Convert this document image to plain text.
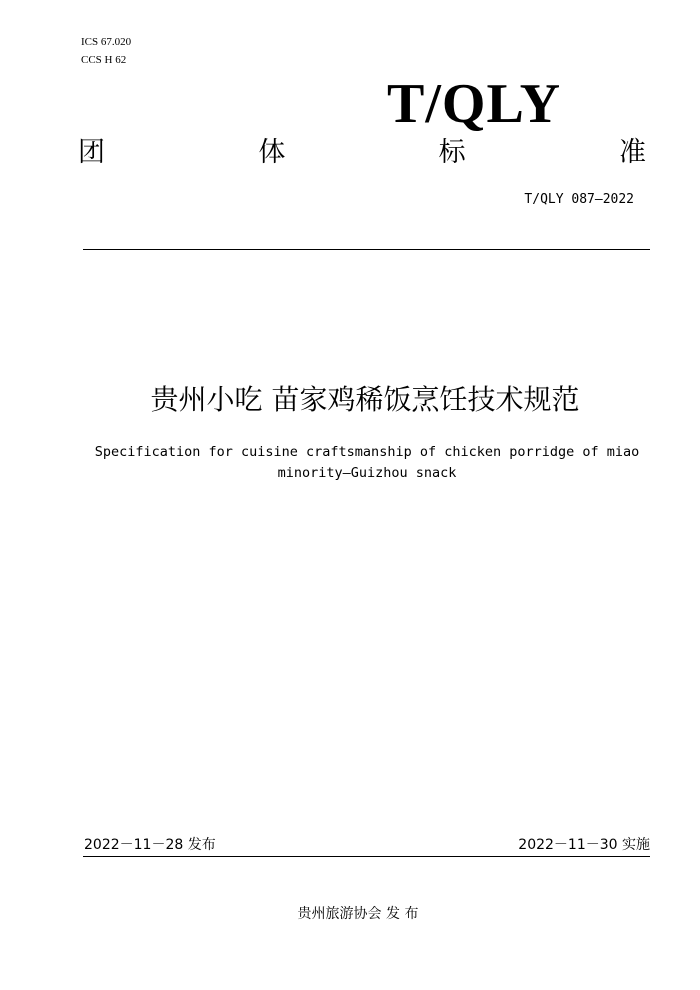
ICS 67.020
CCS H 62
T/QLY
团	体	标	准
T/QLY 087—2022
贵州小吃 苗家鸡稀饭烹饪技术规范
Specification for cuisine craftsmanship of chicken porridge of miao minority—Guizhou snack
2022－11－28 发布	2022－11－30 实施
贵州旅游协会 发 布
